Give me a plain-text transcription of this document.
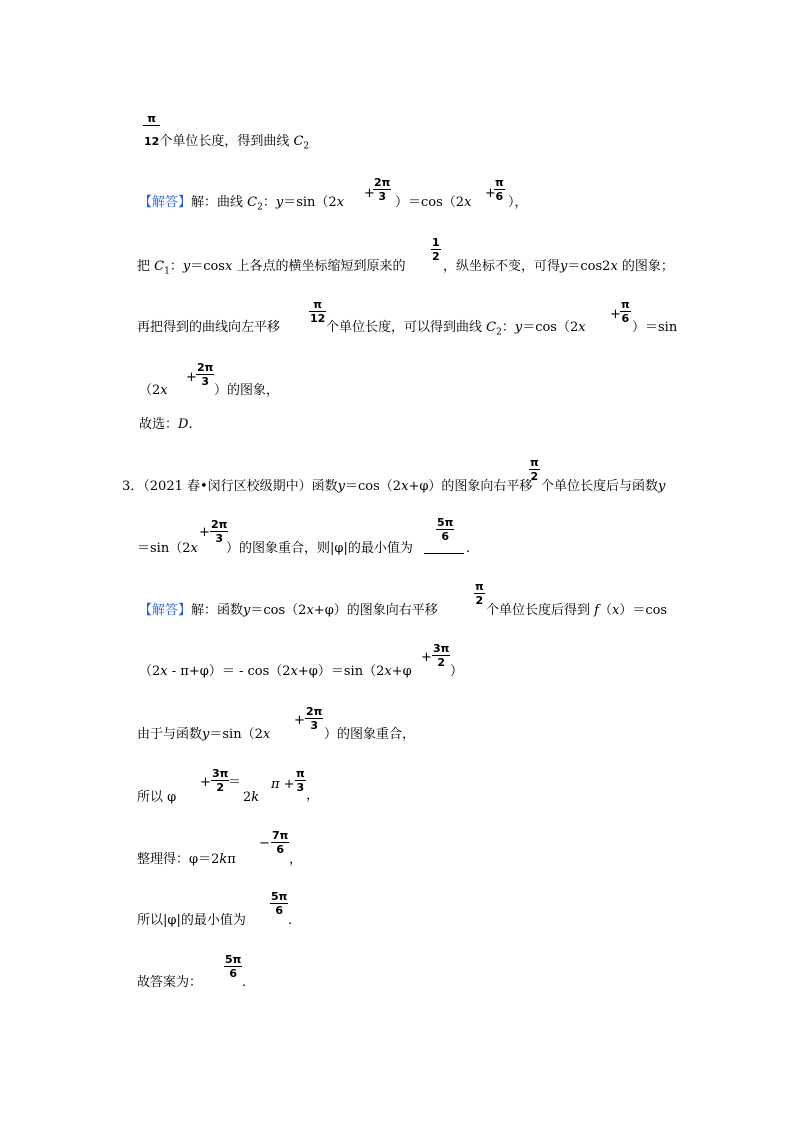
π
12个单位长度，得到曲线 $C_2$
【解答】解：曲线 $C_2$：y＝sin（2x
+
$\frac{2\pi}{3} )=\cos(2x$
+
$\frac{\pi}{6}$ ），
把 $C_1$：y＝cosx 上各点的横坐标缩短到原来的
$\frac{1}{2}$
，纵坐标不变，可得y＝cos2x 的图象；
再把得到的曲线向左平移
$\frac{\pi}{12}$
个单位长度，可以得到曲线 $C_2$：y＝cos（2x
+ $\frac{\pi}{6}$
）＝sin
（2x
+ $\frac{2\pi}{3}$
）的图象，
故选：D.
3．（2021 春•闵行区校级期中）函数y＝cos（2x+φ）的图象向右平移
$\frac{\pi}{2}$
个单位长度后与函数y
＝sin（2x
+ $\frac{2\pi}{3}$
）的图象重合，则|φ|的最小值为
$\frac{5\pi}{6}$
.
【解答】解：函数y＝cos（2x+φ）的图象向右平移
$\frac{\pi}{2}$
个单位长度后得到 f（x）＝cos
（2x - π+φ）＝ - cos（2x+φ）＝sin（2x+φ
+ $\frac{3\pi}{2}$
）
由于与函数y＝sin（2x
+ $\frac{2\pi}{3}$
）的图象重合，
所以 φ
+ $\frac{3\pi}{2}$
＝
2k
$\pi + \frac{\pi}{3}$
，
整理得：φ＝2kπ
− $\frac{7\pi}{6}$
，
所以|φ|的最小值为
$\frac{5\pi}{6}$
.
故答案为：
$\frac{5\pi}{6}$
.
